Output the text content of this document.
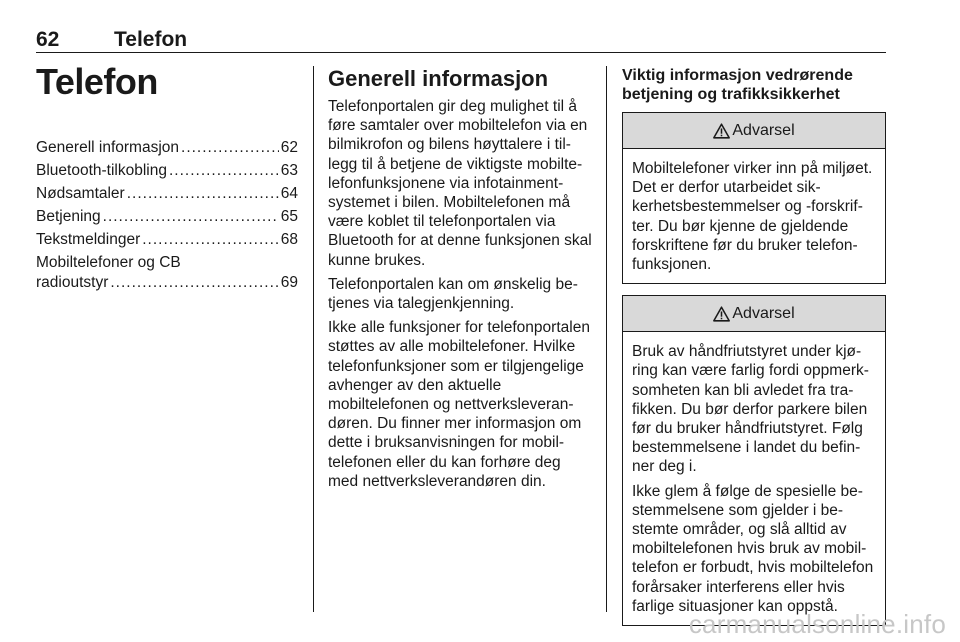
62	Telefon
Telefon
Generell informasjon .....	62
Bluetooth-tilkobling .....	63
Nødsamtaler .....	64
Betjening .....	65
Tekstmeldinger .....	68
Mobiltelefoner og CB
radioutstyr .....	69
Generell informasjon

Telefonportalen gir deg mulighet til å føre samtaler over mobiltelefon via en bilmikrofon og bilens høyttalere i tillegg til å betjene de viktigste mobiltelefonfunksjonene via infotainmentsystemet i bilen. Mobiltelefonen må være koblet til telefonportalen via Bluetooth for at denne funksjonen skal kunne brukes.

Telefonportalen kan om ønskelig betjenes via talegjenkjenning.

Ikke alle funksjoner for telefonportalen støttes av alle mobiltelefoner. Hvilke telefonfunksjoner som er tilgjengelige avhenger av den aktuelle mobiltelefonen og nettverksleverandøren. Du finner mer informasjon om dette i bruksanvisningen for mobiltelefonen eller du kan forhøre deg med nettverksleverandøren din.

Viktig informasjon vedrørende betjening og trafikksikkerhet
Advarsel

Mobiltelefoner virker inn på miljøet. Det er derfor utarbeidet sikkerhetsbestemmelser og -forskrifter. Du bør kjenne de gjeldende forskriftene før du bruker telefonfunksjonen.

Advarsel

Bruk av håndfriutstyret under kjøring kan være farlig fordi oppmerksomheten kan bli avledet fra trafikken. Du bør derfor parkere bilen før du bruker håndfriutstyret. Følg bestemmelsene i landet du befinner deg i.

Ikke glem å følge de spesielle bestemmelsene som gjelder i bestemte områder, og slå alltid av mobiltelefonen hvis bruk av mobiltelefon er forbudt, hvis mobiltelefon forårsaker interferens eller hvis farlige situasjoner kan oppstå.

carmanualsonline.info
